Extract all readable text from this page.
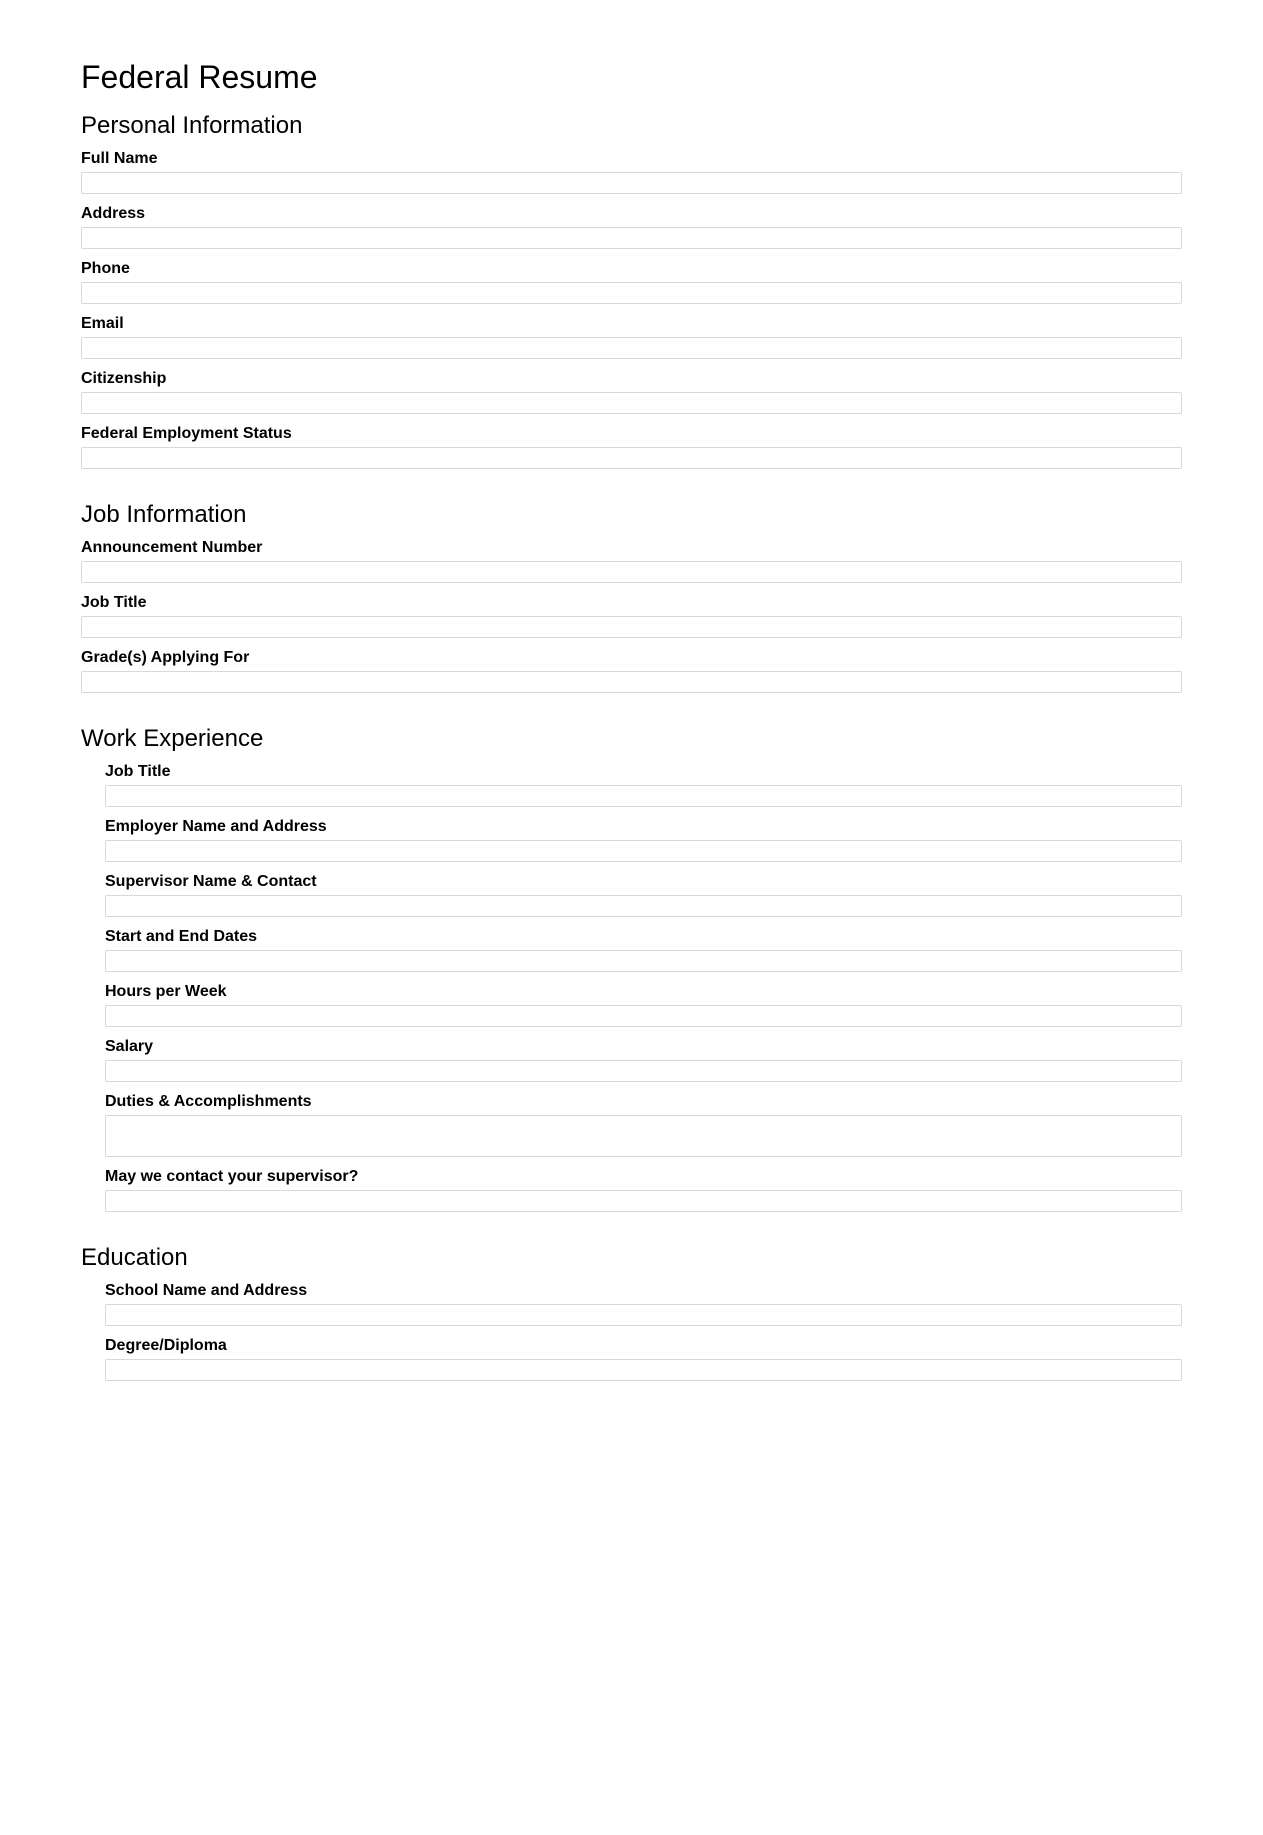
Federal Resume
Personal Information
Full Name
Address
Phone
Email
Citizenship
Federal Employment Status
Job Information
Announcement Number
Job Title
Grade(s) Applying For
Work Experience
Job Title
Employer Name and Address
Supervisor Name & Contact
Start and End Dates
Hours per Week
Salary
Duties & Accomplishments
May we contact your supervisor?
Education
School Name and Address
Degree/Diploma
